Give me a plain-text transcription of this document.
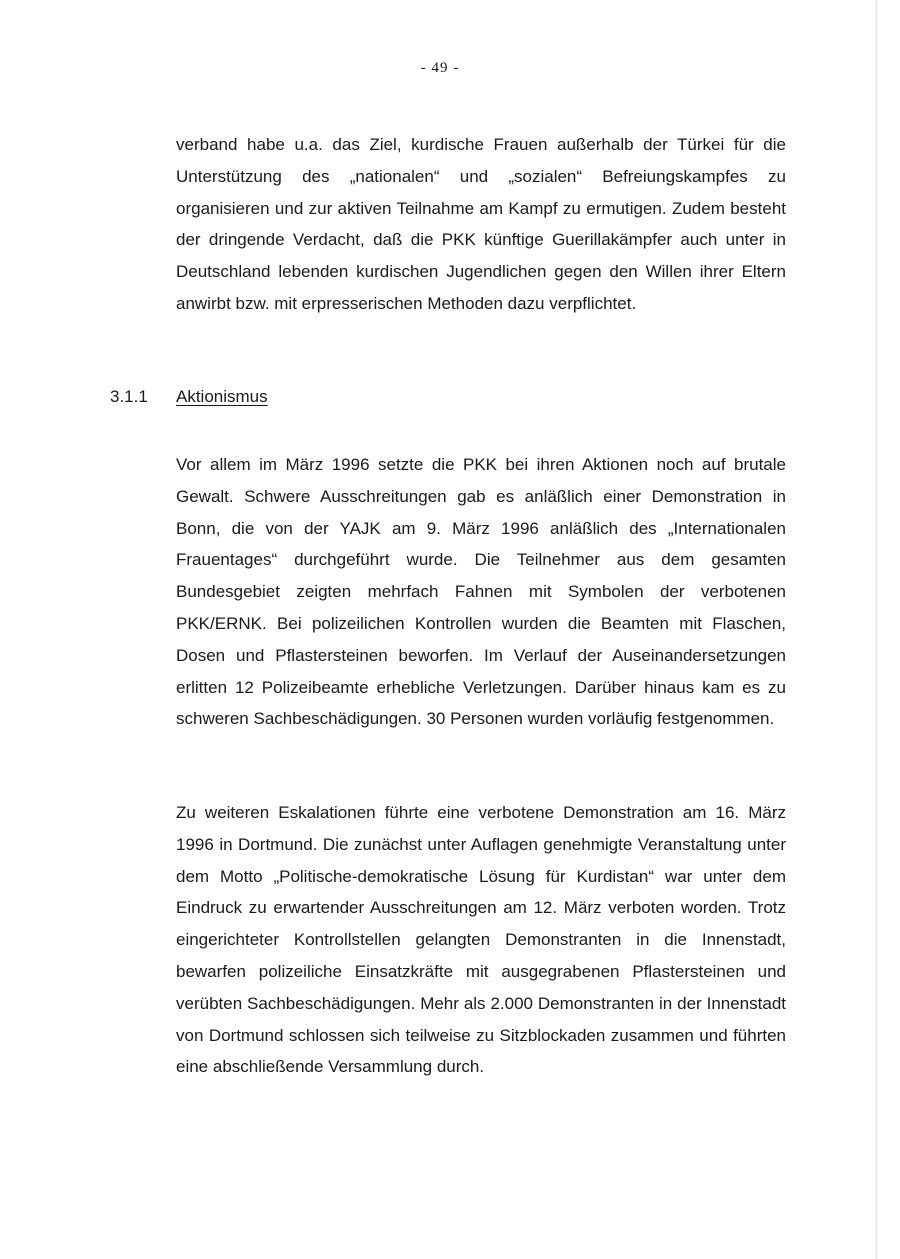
- 49 -

verband habe u.a. das Ziel, kurdische Frauen außerhalb der Türkei für die Unterstützung des „nationalen“ und „sozialen“ Befreiungskampfes zu organisieren und zur aktiven Teilnahme am Kampf zu ermutigen. Zudem besteht der dringende Verdacht, daß die PKK künftige Guerillakämpfer auch unter in Deutschland lebenden kurdischen Jugendlichen gegen den Willen ihrer Eltern anwirbt bzw. mit erpresserischen Methoden dazu verpflichtet.

3.1.1 Aktionismus

Vor allem im März 1996 setzte die PKK bei ihren Aktionen noch auf brutale Gewalt. Schwere Ausschreitungen gab es anläßlich einer Demonstration in Bonn, die von der YAJK am 9. März 1996 anläßlich des „Internationalen Frauentages“ durchgeführt wurde. Die Teilnehmer aus dem gesamten Bundesgebiet zeigten mehrfach Fahnen mit Symbolen der verbotenen PKK/ERNK. Bei polizeilichen Kontrollen wurden die Beamten mit Flaschen, Dosen und Pflastersteinen beworfen. Im Verlauf der Auseinandersetzungen erlitten 12 Polizeibeamte erhebliche Verletzungen. Darüber hinaus kam es zu schweren Sachbeschädigungen. 30 Personen wurden vorläufig festgenommen.

Zu weiteren Eskalationen führte eine verbotene Demonstration am 16. März 1996 in Dortmund. Die zunächst unter Auflagen genehmigte Veranstaltung unter dem Motto „Politische-demokratische Lösung für Kurdistan“ war unter dem Eindruck zu erwartender Ausschreitungen am 12. März verboten worden. Trotz eingerichteter Kontrollstellen gelangten Demonstranten in die Innenstadt, bewarfen polizeiliche Einsatzkräfte mit ausgegrabenen Pflastersteinen und verübten Sachbeschädigungen. Mehr als 2.000 Demonstranten in der Innenstadt von Dortmund schlossen sich teilweise zu Sitzblockaden zusammen und führten eine abschließende Versammlung durch.
